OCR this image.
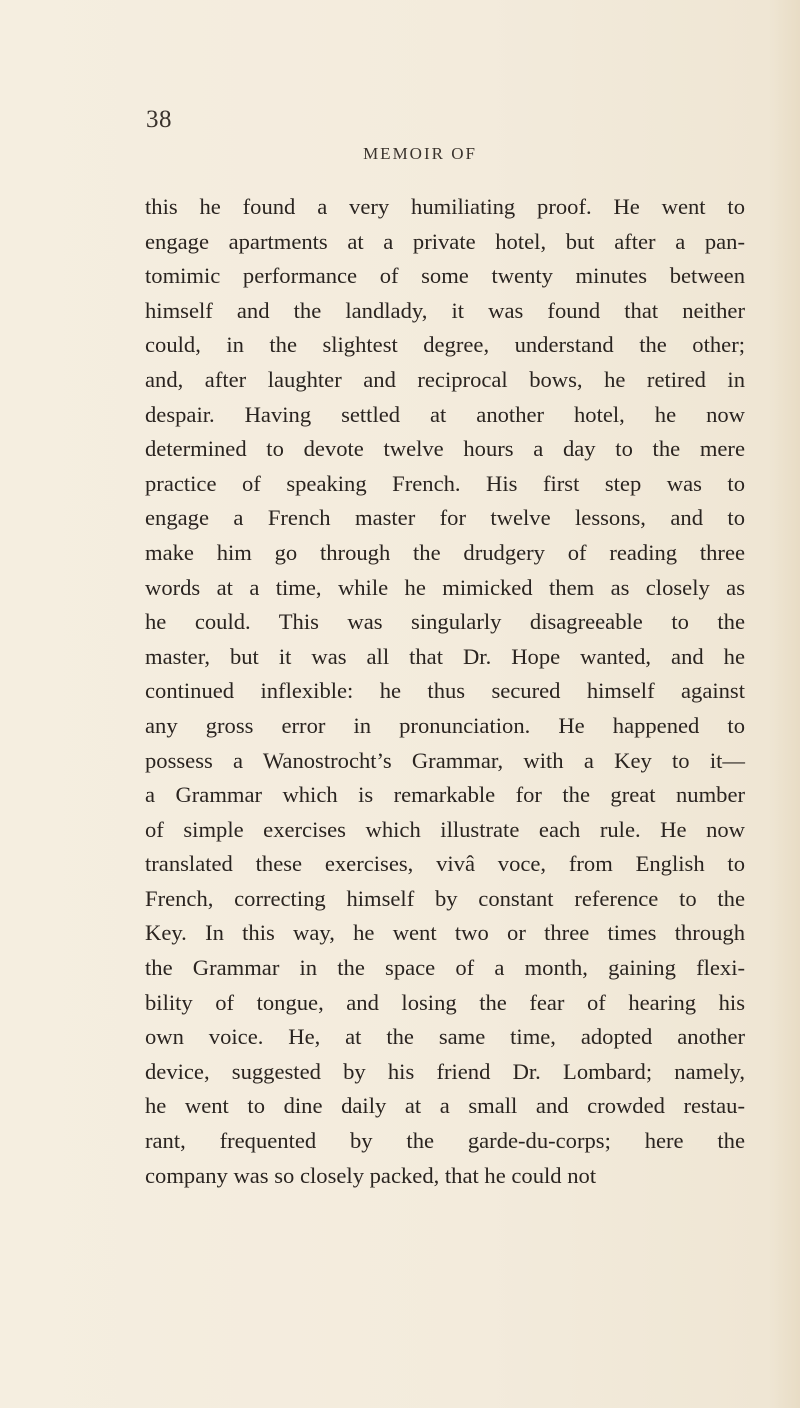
38
MEMOIR OF
this he found a very humiliating proof. He went to
engage apartments at a private hotel, but after a pan-
tomimic performance of some twenty minutes between
himself and the landlady, it was found that neither
could, in the slightest degree, understand the other;
and, after laughter and reciprocal bows, he retired in
despair. Having settled at another hotel, he now
determined to devote twelve hours a day to the mere
practice of speaking French. His first step was to
engage a French master for twelve lessons, and to
make him go through the drudgery of reading three
words at a time, while he mimicked them as closely as
he could. This was singularly disagreeable to the
master, but it was all that Dr. Hope wanted, and he
continued inflexible: he thus secured himself against
any gross error in pronunciation. He happened to
possess a Wanostrocht’s Grammar, with a Key to it—
a Grammar which is remarkable for the great number
of simple exercises which illustrate each rule. He now
translated these exercises, vivâ voce, from English to
French, correcting himself by constant reference to the
Key. In this way, he went two or three times through
the Grammar in the space of a month, gaining flexi-
bility of tongue, and losing the fear of hearing his
own voice. He, at the same time, adopted another
device, suggested by his friend Dr. Lombard; namely,
he went to dine daily at a small and crowded restau-
rant, frequented by the garde-du-corps; here the
company was so closely packed, that he could not
